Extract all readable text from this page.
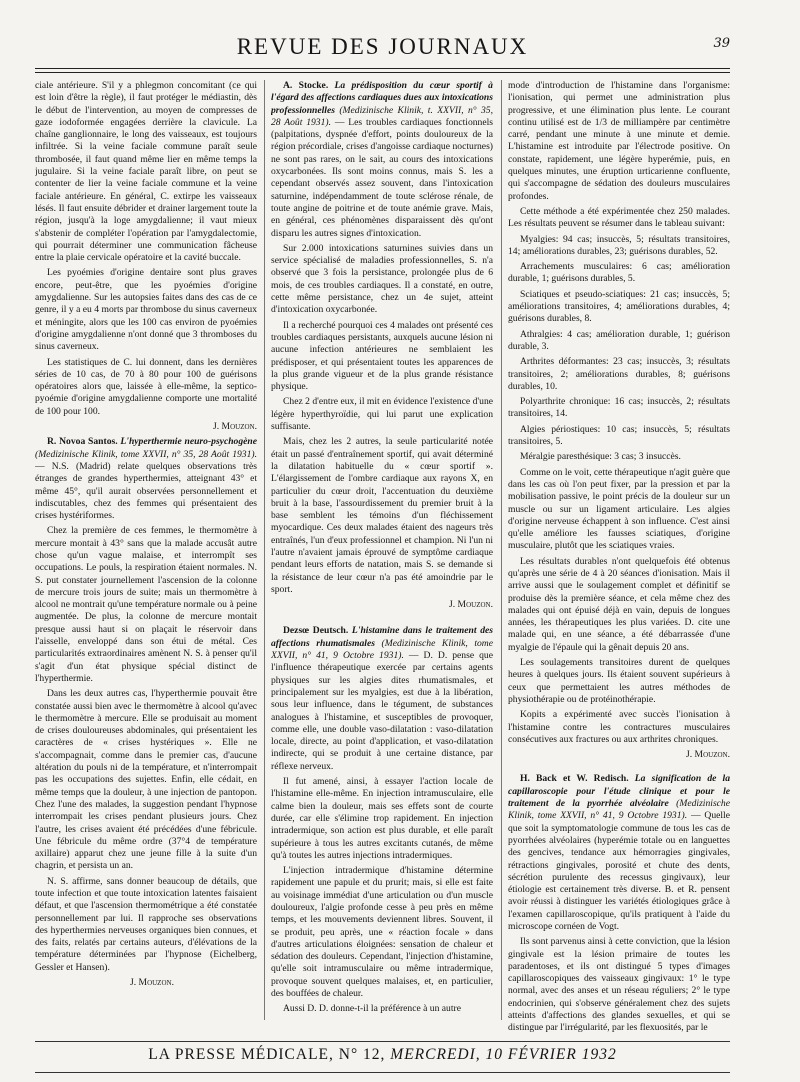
REVUE DES JOURNAUX	39

ciale antérieure. S'il y a phlegmon concomitant (ce qui est loin d'être la règle), il faut protéger le médiastin, dès le début de l'intervention, au moyen de compresses de gaze iodoformée engagées derrière la clavicule. La chaîne ganglionnaire, le long des vaisseaux, est toujours infiltrée. Si la veine faciale commune paraît seule thrombosée, il faut quand même lier en même temps la jugulaire. Si la veine faciale paraît libre, on peut se contenter de lier la veine faciale commune et la veine faciale antérieure. En général, C. extirpe les vaisseaux lésés. Il faut ensuite débrider et drainer largement toute la région, jusqu'à la loge amygdalienne; il vaut mieux s'abstenir de compléter l'opération par l'amygdalectomie, qui pourrait déterminer une communication fâcheuse entre la plaie cervicale opératoire et la cavité buccale.

Les pyoémies d'origine dentaire sont plus graves encore, peut-être, que les pyoémies d'origine amygdalienne. Sur les autopsies faites dans des cas de ce genre, il y a eu 4 morts par thrombose du sinus caverneux et méningite, alors que les 100 cas environ de pyoémies d'origine amygdalienne n'ont donné que 3 thromboses du sinus caverneux.

Les statistiques de C. lui donnent, dans les dernières séries de 10 cas, de 70 à 80 pour 100 de guérisons opératoires alors que, laissée à elle-même, la septico-pyoémie d'origine amygdalienne comporte une mortalité de 100 pour 100.

J. Mouzon.

R. Novoa Santos. L'hyperthermie neuro-psychogène (Medizinische Klinik, tome XXVII, n° 35, 28 Août 1931). — N.S. (Madrid) relate quelques observations très étranges de grandes hyperthermies, atteignant 43° et même 45°, qu'il aurait observées personnellement et indiscutables, chez des femmes qui présentaient des crises hystériformes.

Chez la première de ces femmes, le thermomètre à mercure montait à 43° sans que la malade accusât autre chose qu'un vague malaise, et interrompît ses occupations. Le pouls, la respiration étaient normales. N. S. put constater journellement l'ascension de la colonne de mercure trois jours de suite; mais un thermomètre à alcool ne montrait qu'une température normale ou à peine augmentée. De plus, la colonne de mercure montait presque aussi haut si on plaçait le réservoir dans l'aisselle, enveloppé dans son étui de métal. Ces particularités extraordinaires amènent N. S. à penser qu'il s'agit d'un état physique spécial distinct de l'hyperthermie.

Dans les deux autres cas, l'hyperthermie pouvait être constatée aussi bien avec le thermomètre à alcool qu'avec le thermomètre à mercure. Elle se produisait au moment de crises douloureuses abdominales, qui présentaient les caractères de « crises hystériques ». Elle ne s'accompagnait, comme dans le premier cas, d'aucune altération du pouls ni de la température, et n'interrompait pas les occupations des sujettes. Enfin, elle cédait, en même temps que la douleur, à une injection de pantopon. Chez l'une des malades, la suggestion pendant l'hypnose interrompait les crises pendant plusieurs jours. Chez l'autre, les crises avaient été précédées d'une fébricule. Une fébricule du même ordre (37°4 de température axillaire) apparut chez une jeune fille à la suite d'un chagrin, et persista un an.

N. S. affirme, sans donner beaucoup de détails, que toute infection et que toute intoxication latentes faisaient défaut, et que l'ascension thermométrique a été constatée personnellement par lui. Il rapproche ses observations des hyperthermies nerveuses organiques bien connues, et des faits, relatés par certains auteurs, d'élévations de la température déterminées par l'hypnose (Eichelberg, Gessler et Hansen).

J. Mouzon.

A. Stocke. La prédisposition du cœur sportif à l'égard des affections cardiaques dues aux intoxications professionnelles (Medizinische Klinik, t. XXVII, n° 35, 28 Août 1931). — Les troubles cardiaques fonctionnels (palpitations, dyspnée d'effort, points douloureux de la région précordiale, crises d'angoisse cardiaque nocturnes) ne sont pas rares, on le sait, au cours des intoxications oxycarbonées. Ils sont moins connus, mais S. les a cependant observés assez souvent, dans l'intoxication saturnine, indépendamment de toute sclérose rénale, de toute angine de poitrine et de toute anémie grave. Mais, en général, ces phénomènes disparaissent dès qu'ont disparu les autres signes d'intoxication.

Sur 2.000 intoxications saturnines suivies dans un service spécialisé de maladies professionnelles, S. n'a observé que 3 fois la persistance, prolongée plus de 6 mois, de ces troubles cardiaques. Il a constaté, en outre, cette même persistance, chez un 4e sujet, atteint d'intoxication oxycarbonée.

Il a recherché pourquoi ces 4 malades ont présenté ces troubles cardiaques persistants, auxquels aucune lésion ni aucune infection antérieures ne semblaient les prédisposer, et qui présentaient toutes les apparences de la plus grande vigueur et de la plus grande résistance physique.

Chez 2 d'entre eux, il mit en évidence l'existence d'une légère hyperthyroïdie, qui lui parut une explication suffisante.

Mais, chez les 2 autres, la seule particularité notée était un passé d'entraînement sportif, qui avait déterminé la dilatation habituelle du « cœur sportif ». L'élargissement de l'ombre cardiaque aux rayons X, en particulier du cœur droit, l'accentuation du deuxième bruit à la base, l'assourdissement du premier bruit à la base semblent les témoins d'un fléchissement myocardique. Ces deux malades étaient des nageurs très entraînés, l'un d'eux professionnel et champion. Ni l'un ni l'autre n'avaient jamais éprouvé de symptôme cardiaque pendant leurs efforts de natation, mais S. se demande si la résistance de leur cœur n'a pas été amoindrie par le sport.

J. Mouzon.

Dezsœ Deutsch. L'histamine dans le traitement des affections rhumatismales (Medizinische Klinik, tome XXVII, n° 41, 9 Octobre 1931). — D. D. pense que l'influence thérapeutique exercée par certains agents physiques sur les algies dites rhumatismales, et principalement sur les myalgies, est due à la libération, sous leur influence, dans le tégument, de substances analogues à l'histamine, et susceptibles de provoquer, comme elle, une double vaso-dilatation : vaso-dilatation locale, directe, au point d'application, et vaso-dilatation indirecte, qui se produit à une certaine distance, par réflexe nerveux.

Il fut amené, ainsi, à essayer l'action locale de l'histamine elle-même. En injection intramusculaire, elle calme bien la douleur, mais ses effets sont de courte durée, car elle s'élimine trop rapidement. En injection intradermique, son action est plus durable, et elle paraît supérieure à tous les autres excitants cutanés, de même qu'à toutes les autres injections intradermiques.

L'injection intradermique d'histamine détermine rapidement une papule et du prurit; mais, si elle est faite au voisinage immédiat d'une articulation ou d'un muscle douloureux, l'algie profonde cesse à peu près en même temps, et les mouvements deviennent libres. Souvent, il se produit, peu après, une « réaction focale » dans d'autres articulations éloignées: sensation de chaleur et sédation des douleurs. Cependant, l'injection d'histamine, qu'elle soit intramusculaire ou même intradermique, provoque souvent quelques malaises, et, en particulier, des bouffées de chaleur.

Aussi D. D. donne-t-il la préférence à un autre

mode d'introduction de l'histamine dans l'organisme: l'ionisation, qui permet une administration plus progressive, et une élimination plus lente. Le courant continu utilisé est de 1/3 de milliampère par centimètre carré, pendant une minute à une minute et demie. L'histamine est introduite par l'électrode positive. On constate, rapidement, une légère hyperémie, puis, en quelques minutes, une éruption urticarienne confluente, qui s'accompagne de sédation des douleurs musculaires profondes.

Cette méthode a été expérimentée chez 250 malades. Les résultats peuvent se résumer dans le tableau suivant:

Myalgies: 94 cas; insuccès, 5; résultats transitoires, 14; améliorations durables, 23; guérisons durables, 52.

Arrachements musculaires: 6 cas; amélioration durable, 1; guérisons durables, 5.

Sciatiques et pseudo-sciatiques: 21 cas; insuccès, 5; améliorations transitoires, 4; améliorations durables, 4; guérisons durables, 8.

Athralgies: 4 cas; amélioration durable, 1; guérison durable, 3.

Arthrites déformantes: 23 cas; insuccès, 3; résultats transitoires, 2; améliorations durables, 8; guérisons durables, 10.

Polyarthrite chronique: 16 cas; insuccès, 2; résultats transitoires, 14.

Algies périostiques: 10 cas; insuccès, 5; résultats transitoires, 5.

Méralgie paresthésique: 3 cas; 3 insuccès.

Comme on le voit, cette thérapeutique n'agit guère que dans les cas où l'on peut fixer, par la pression et par la mobilisation passive, le point précis de la douleur sur un muscle ou sur un ligament articulaire. Les algies d'origine nerveuse échappent à son influence. C'est ainsi qu'elle améliore les fausses sciatiques, d'origine musculaire, plutôt que les sciatiques vraies.

Les résultats durables n'ont quelquefois été obtenus qu'après une série de 4 à 20 séances d'ionisation. Mais il arrive aussi que le soulagement complet et définitif se produise dès la première séance, et cela même chez des malades qui ont épuisé déjà en vain, depuis de longues années, les thérapeutiques les plus variées. D. cite une malade qui, en une séance, a été débarrassée d'une myalgie de l'épaule qui la gênait depuis 20 ans.

Les soulagements transitoires durent de quelques heures à quelques jours. Ils étaient souvent supérieurs à ceux que permettaient les autres méthodes de physiothérapie ou de protéinothérapie.

Kopits a expérimenté avec succès l'ionisation à l'histamine contre les contractures musculaires consécutives aux fractures ou aux arthrites chroniques.

J. Mouzon.

H. Back et W. Redisch. La signification de la capillaroscopie pour l'étude clinique et pour le traitement de la pyorrhée alvéolaire (Medizinische Klinik, tome XXVII, n° 41, 9 Octobre 1931). — Quelle que soit la symptomatologie commune de tous les cas de pyorrhées alvéolaires (hyperémie totale ou en languettes des gencives, tendance aux hémorragies gingivales, rétractions gingivales, porosité et chute des dents, sécrétion purulente des recessus gingivaux), leur étiologie est certainement très diverse. B. et R. pensent avoir réussi à distinguer les variétés étiologiques grâce à l'examen capillaroscopique, qu'ils pratiquent à l'aide du microscope cornéen de Vogt.

Ils sont parvenus ainsi à cette conviction, que la lésion gingivale est la lésion primaire de toutes les paradentoses, et ils ont distingué 5 types d'images capillaroscopiques des vaisseaux gingivaux: 1° le type normal, avec des anses et un réseau réguliers; 2° le type endocrinien, qui s'observe généralement chez des sujets atteints d'affections des glandes sexuelles, et qui se distingue par l'irrégularité, par les flexuosités, par le

LA PRESSE MÉDICALE, N° 12, MERCREDI, 10 FÉVRIER 1932
